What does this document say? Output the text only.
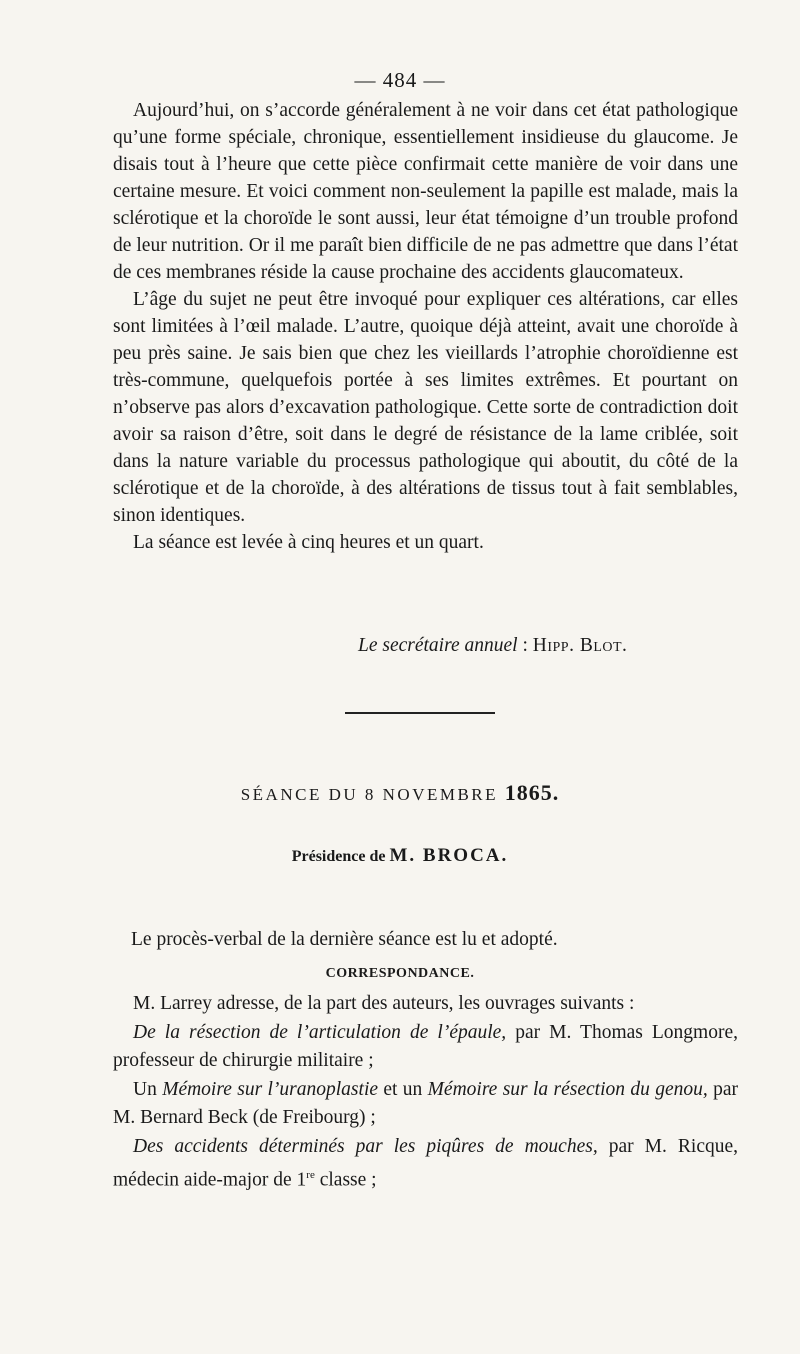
— 484 —

Aujourd’hui, on s’accorde généralement à ne voir dans cet état pathologique qu’une forme spéciale, chronique, essentiellement insidieuse du glaucome. Je disais tout à l’heure que cette pièce confirmait cette manière de voir dans une certaine mesure. Et voici comment non-seulement la papille est malade, mais la sclérotique et la choroïde le sont aussi, leur état témoigne d’un trouble profond de leur nutrition. Or il me paraît bien difficile de ne pas admettre que dans l’état de ces membranes réside la cause prochaine des accidents glaucomateux.

L’âge du sujet ne peut être invoqué pour expliquer ces altérations, car elles sont limitées à l’œil malade. L’autre, quoique déjà atteint, avait une choroïde à peu près saine. Je sais bien que chez les vieillards l’atrophie choroïdienne est très-commune, quelquefois portée à ses limites extrêmes. Et pourtant on n’observe pas alors d’excavation pathologique. Cette sorte de contradiction doit avoir sa raison d’être, soit dans le degré de résistance de la lame criblée, soit dans la nature variable du processus pathologique qui aboutit, du côté de la sclérotique et de la choroïde, à des altérations de tissus tout à fait semblables, sinon identiques.

La séance est levée à cinq heures et un quart.

Le secrétaire annuel : Hipp. Blot.
SÉANCE DU 8 NOVEMBRE 1865.
Présidence de M. BROCA.
Le procès-verbal de la dernière séance est lu et adopté.
CORRESPONDANCE.

M. Larrey adresse, de la part des auteurs, les ouvrages suivants :

De la résection de l’articulation de l’épaule, par M. Thomas Longmore, professeur de chirurgie militaire ;

Un Mémoire sur l’uranoplastie et un Mémoire sur la résection du genou, par M. Bernard Beck (de Freibourg) ;

Des accidents déterminés par les piqûres de mouches, par M. Ricque, médecin aide-major de 1re classe ;
